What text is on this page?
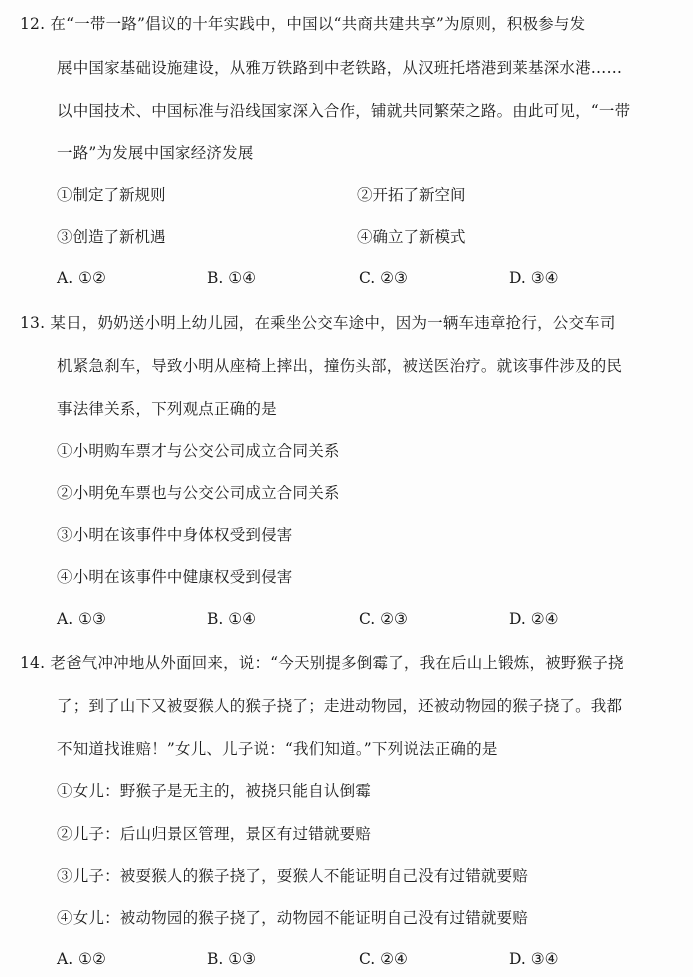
12. 在“一带一路”倡议的十年实践中，中国以“共商共建共享”为原则，积极参与发
展中国家基础设施建设，从雅万铁路到中老铁路，从汉班托塔港到莱基深水港……
以中国技术、中国标准与沿线国家深入合作，铺就共同繁荣之路。由此可见，“一带
一路”为发展中国家经济发展
①制定了新规则	②开拓了新空间
③创造了新机遇	④确立了新模式
A. ①②	B. ①④	C. ②③	D. ③④
13. 某日，奶奶送小明上幼儿园，在乘坐公交车途中，因为一辆车违章抢行，公交车司
机紧急刹车，导致小明从座椅上摔出，撞伤头部，被送医治疗。就该事件涉及的民
事法律关系，下列观点正确的是
①小明购车票才与公交公司成立合同关系
②小明免车票也与公交公司成立合同关系
③小明在该事件中身体权受到侵害
④小明在该事件中健康权受到侵害
A. ①③	B. ①④	C. ②③	D. ②④
14. 老爸气冲冲地从外面回来，说：“今天别提多倒霉了，我在后山上锻炼，被野猴子挠
了；到了山下又被耍猴人的猴子挠了；走进动物园，还被动物园的猴子挠了。我都
不知道找谁赔！”女儿、儿子说：“我们知道。”下列说法正确的是
①女儿：野猴子是无主的，被挠只能自认倒霉
②儿子：后山归景区管理，景区有过错就要赔
③儿子：被耍猴人的猴子挠了，耍猴人不能证明自己没有过错就要赔
④女儿：被动物园的猴子挠了，动物园不能证明自己没有过错就要赔
A. ①②	B. ①③	C. ②④	D. ③④
